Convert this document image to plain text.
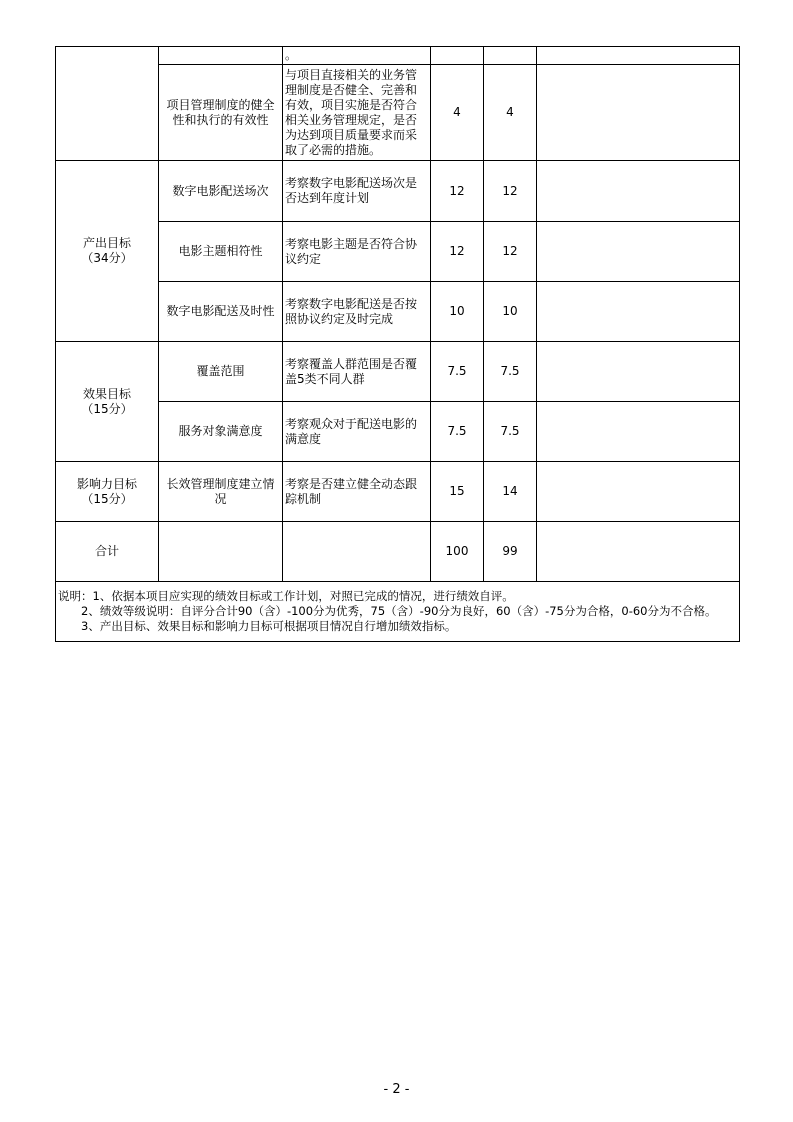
		。			
	项目管理制度的健全性和执行的有效性	与项目直接相关的业务管理制度是否健全、完善和有效，项目实施是否符合相关业务管理规定，是否为达到项目质量要求而采取了必需的措施。	4	4	

产出目标
（34分）	数字电影配送场次	考察数字电影配送场次是否达到年度计划	12	12	
	电影主题相符性	考察电影主题是否符合协议约定	12	12	
	数字电影配送及时性	考察数字电影配送是否按照协议约定及时完成	10	10	

效果目标
（15分）	覆盖范围	考察覆盖人群范围是否覆盖5类不同人群	7.5	7.5	
	服务对象满意度	考察观众对于配送电影的满意度	7.5	7.5	

影响力目标
（15分）	长效管理制度建立情况	考察是否建立健全动态跟踪机制	15	14	
合计			100	99	

说明：1、依据本项目应实现的绩效目标或工作计划，对照已完成的情况，进行绩效自评。
　　2、绩效等级说明：自评分合计90（含）-100分为优秀，75（含）-90分为良好，60（含）-75分为合格，0-60分为不合格。
　　3、产出目标、效果目标和影响力目标可根据项目情况自行增加绩效指标。					
- 2 -
